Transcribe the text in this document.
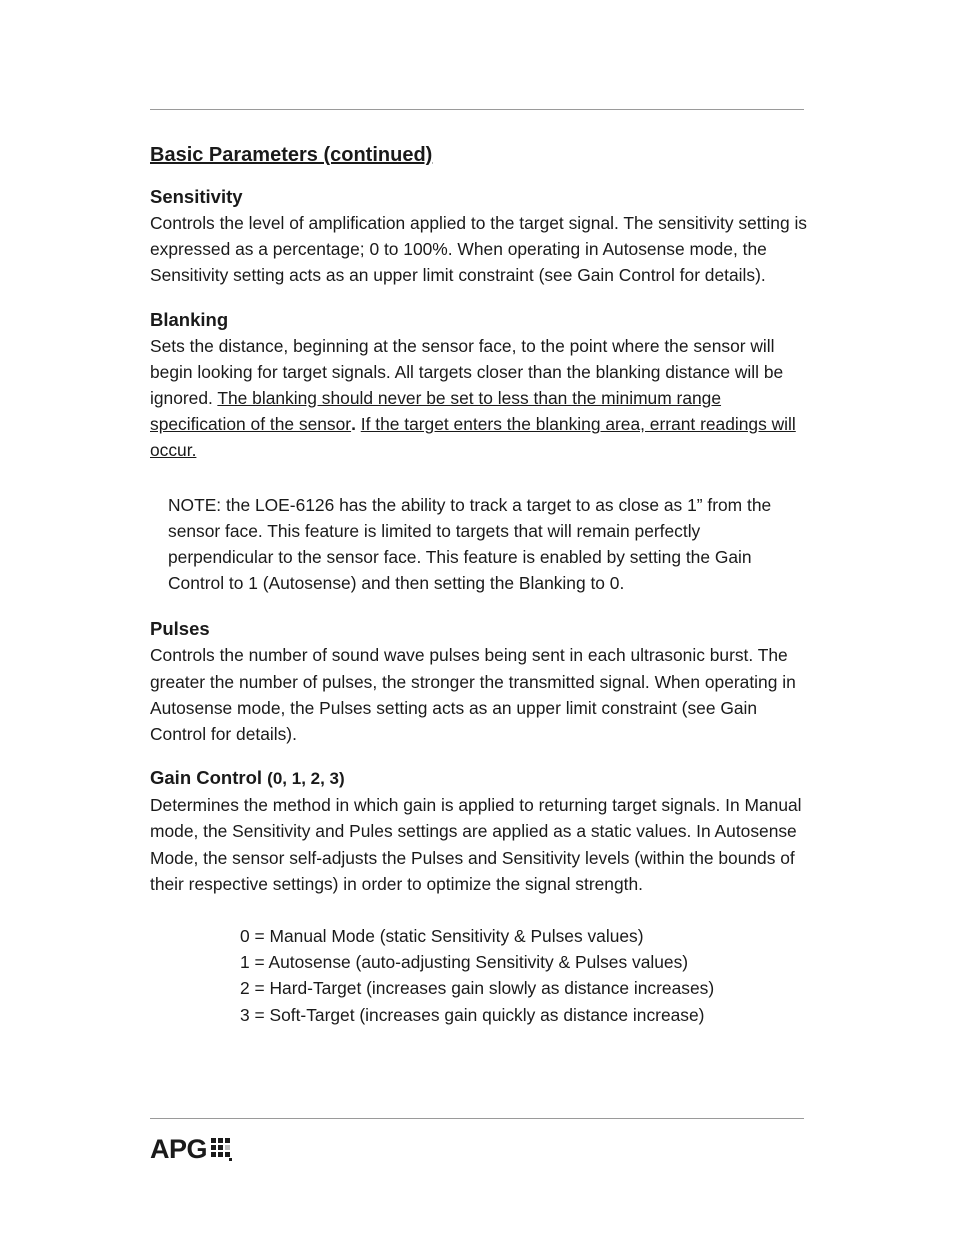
Basic Parameters (continued)
Sensitivity

Controls the level of amplification applied to the target signal. The sensitivity setting is expressed as a percentage; 0 to 100%. When operating in Autosense mode, the Sensitivity setting acts as an upper limit constraint (see Gain Control for details).

Blanking

Sets the distance, beginning at the sensor face, to the point where the sensor will begin looking for target signals. All targets closer than the blanking distance will be ignored. The blanking should never be set to less than the minimum range specification of the sensor. If the target enters the blanking area, errant readings will occur.

NOTE: the LOE-6126 has the ability to track a target to as close as 1” from the sensor face. This feature is limited to targets that will remain perfectly perpendicular to the sensor face. This feature is enabled by setting the Gain Control to 1 (Autosense) and then setting the Blanking to 0.

Pulses

Controls the number of sound wave pulses being sent in each ultrasonic burst. The greater the number of pulses, the stronger the transmitted signal. When operating in Autosense mode, the Pulses setting acts as an upper limit constraint (see Gain Control for details).

Gain Control (0, 1, 2, 3)

Determines the method in which gain is applied to returning target signals. In Manual mode, the Sensitivity and Pules settings are applied as a static values. In Autosense Mode, the sensor self-adjusts the Pulses and Sensitivity levels (within the bounds of their respective settings) in order to optimize the signal strength.

0 = Manual Mode (static Sensitivity & Pulses values)
1 = Autosense (auto-adjusting Sensitivity & Pulses values)
2 = Hard-Target (increases gain slowly as distance increases)
3 = Soft-Target (increases gain quickly as distance increase)
APG
